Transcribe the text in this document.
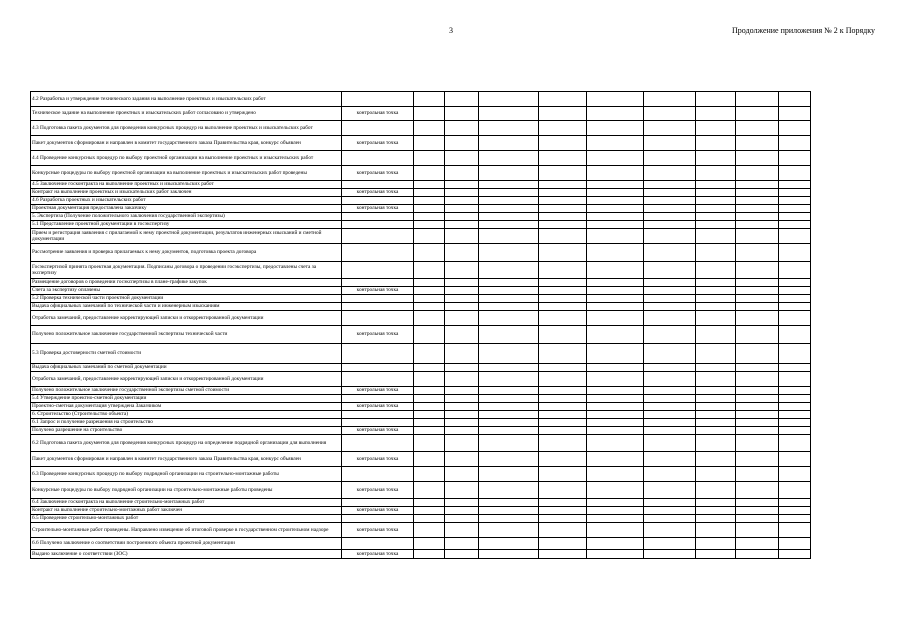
3	Продолжение приложения № 2 к Порядку
4.2 Разработка и утверждение технического задания на выполнение проектных и изыскательских работ										
Техническое задание на выполнение проектных и изыскательских работ согласовано и утверждено	контрольная точка									
4.3 Подготовка пакета документов для проведения конкурсных процедур на выполнение проектных и изыскательских работ										
Пакет документов сформирован и направлен в комитет государственного заказа Правительства края, конкурс объявлен	контрольная точка									
4.4 Проведение конкурсных процедур по выбору проектной организации на выполнение проектных и изыскательских работ										
Конкурсные процедуры по выбору проектной организации на выполнение проектных и изыскательских работ проведены	контрольная точка									
4.5 Заключение госконтракта на выполнение проектных и изыскательских работ										
Контракт на выполнение проектных и изыскательских работ заключен	контрольная точка									
4.6 Разработка проектных и изыскательских работ										
Проектная документация предоставлена заказчику	контрольная точка									
5. Экспертиза (Получение положительного заключения государственной экспертизы)										
5.1 Представление проектной документации в госэкспертизу										
Прием и регистрация заявления с прилагаемой к нему проектной документации, результатов инженерных изысканий и сметной документации										
Рассмотрение заявления и проверка прилагаемых к нему документов, подготовка проекта договора										
Госэкспертизой принята проектная документация. Подписаны договора о проведении госэкспертизы, предоставлены счета за экспертизу										
Размещение договоров о проведении госэкспертизы в плане-графике закупок										
Счета за экспертизу оплачены	контрольная точка									
5.2 Проверка технической части проектной документации										
Выдача официальных замечаний по технической части и инженерным изысканиям										
Отработка замечаний, предоставление корректирующей записки и откорректированной документации										
Получено положительное заключение государственной экспертизы технической части	контрольная точка									
5.3 Проверка достоверности сметной стоимости										
Выдача официальных замечаний по сметной документации										
Отработка замечаний, предоставление корректирующей записки и откорректированной документации										
Получено положительное заключение государственной экспертизы сметной стоимости	контрольная точка									
5.4 Утверждение проектно-сметной документации										
Проектно-сметная документация утверждена Заказчиком	контрольная точка									
6. Строительство (Строительство объекта)										
6.1 Запрос и получение разрешения на строительство										
Получено разрешение на строительство	контрольная точка									
6.2 Подготовка пакета документов для проведения конкурсных процедур на определение подрядной организации для выполнения										
Пакет документов сформирован и направлен в комитет государственного заказа Правительства края, конкурс объявлен	контрольная точка									
6.3 Проведение конкурсных процедур по выбору подрядной организации на строительно-монтажные работы										
Конкурсные процедуры по выбору подрядной организации на строительно-монтажные работы проведены	контрольная точка									
6.4 Заключение госконтракта на выполнение строительно-монтажных работ										
Контракт на выполнение строительно-монтажных работ заключен	контрольная точка									
6.5 Проведение строительно-монтажных работ										
Строительно-монтажные работ проведены. Направлено извещение об итоговой проверке в государственном строительном надзоре	контрольная точка									
6.6 Получено заключение о соответствии построенного объекта проектной документации										
Выдано заключение о соответствии (ЗОС)	контрольная точка									
